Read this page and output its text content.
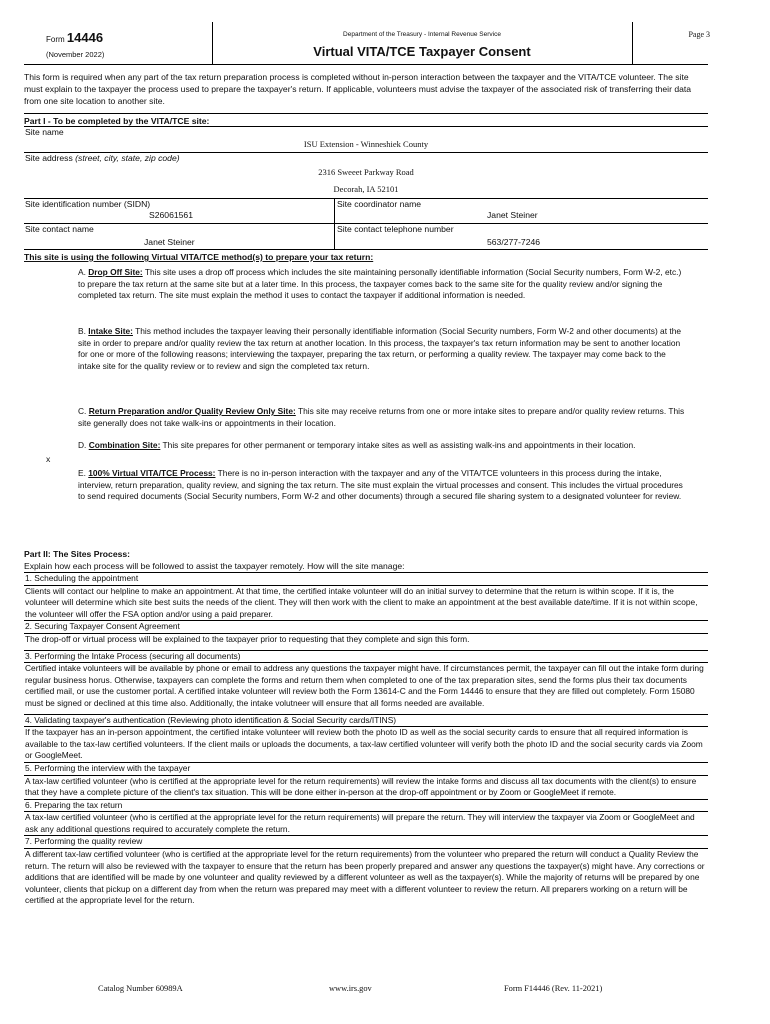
Form 14446
(November 2022)
Department of the Treasury - Internal Revenue Service
Virtual VITA/TCE Taxpayer Consent
Page 3
This form is required when any part of the tax return preparation process is completed without in-person interaction between the taxpayer and the VITA/TCE volunteer. The site must explain to the taxpayer the process used to prepare the taxpayer's return. If applicable, volunteers must advise the taxpayer of the associated risk of transferring their data from one site location to another site.
Part I - To be completed by the VITA/TCE site:
Site name
ISU Extension - Winneshiek County
Site address (street, city, state, zip code)
2316 Sweeet Parkway Road
Decorah, IA 52101
Site identification number (SIDN)
S26061561
Site coordinator name
Janet Steiner
Site contact name
Janet Steiner
Site contact telephone number
563/277-7246
This site is using the following Virtual VITA/TCE method(s) to prepare your tax return:
A. Drop Off Site: This site uses a drop off process which includes the site maintaining personally identifiable information (Social Security numbers, Form W-2, etc.) to prepare the tax return at the same site but at a later time. In this process, the taxpayer comes back to the same site for the quality review and/or signing the completed tax return. The site must explain the method it uses to contact the taxpayer if additional information is needed.
B. Intake Site: This method includes the taxpayer leaving their personally identifiable information (Social Security numbers, Form W-2 and other documents) at the site in order to prepare and/or quality review the tax return at another location. In this process, the taxpayer's tax return information may be sent to another location for one or more of the following reasons; interviewing the taxpayer, preparing the tax return, or performing a quality review. The taxpayer may come back to the intake site for the quality review or to review and sign the completed tax return.
C. Return Preparation and/or Quality Review Only Site: This site may receive returns from one or more intake sites to prepare and/or quality review returns. This site generally does not take walk-ins or appointments in their location.
x
D. Combination Site: This site prepares for other permanent or temporary intake sites as well as assisting walk-ins and appointments in their location.
E. 100% Virtual VITA/TCE Process: There is no in-person interaction with the taxpayer and any of the VITA/TCE volunteers in this process during the intake, interview, return preparation, quality review, and signing the tax return. The site must explain the virtual processes and consent. This includes the virtual procedures to send required documents (Social Security numbers, Form W-2 and other documents) through a secured file sharing system to a designated volunteer for review.
Part II: The Sites Process:
Explain how each process will be followed to assist the taxpayer remotely. How will the site manage:
1. Scheduling the appointment
Clients will contact our helpline to make an appointment. At that time, the certified intake volunteer will do an initial survey to determine that the return is within scope. If it is, the volunteer will determine which site best suits the needs of the client. They will then work with the client to make an appointment at the best available date/time. If it is not within scope, the volunteer will offer the FSA option and/or using a paid preparer.
2. Securing Taxpayer Consent Agreement
The drop-off or virtual process will be explained to the taxpayer prior to requesting that they complete and sign this form.
3. Performing the Intake Process (securing all documents)
Certified intake volunteers will be available by phone or email to address any questions the taxpayer might have. If circumstances permit, the taxpayer can fill out the intake form during regular business horus. Otherwise, taxpayers can complete the forms and return them when completed to one of the tax preparation sites, send the forms plus their tax documents certified mail, or use the customer portal. A certified intake volunteer will review both the Form 13614-C and the Form 14446 to ensure that they are filled out completely. Form 15080 must be signed or declined at this time also. Additionally, the intake volutneer will ensure that all forms needed are available.
4. Validating taxpayer's authentication (Reviewing photo identification & Social Security cards/ITINS)
If the taxpayer has an in-person appointment, the certified intake volunteer will review both the photo ID as well as the social security cards to ensure that all required information is available to the tax-law certified volunteers. If the client mails or uploads the documents, a tax-law certified volunteer will verify both the photo ID and the social security cards via Zoom or GoogleMeet.
5. Performing the interview with the taxpayer
A tax-law certified volunteer (who is certified at the appropriate level for the return requirements) will review the intake forms and discuss all tax documents with the client(s) to ensure that they have a complete picture of the client's tax situation. This will be done either in-person at the drop-off appointment or by Zoom or GoogleMeet if remote.
6. Preparing the tax return
A tax-law certified volunteer (who is certified at the appropriate level for the return requirements) will prepare the return. They will interview the taxpayer via Zoom or GoogleMeet and ask any additional questions required to accurately complete the return.
7. Performing the quality review
A different tax-law certified volunteer (who is certified at the appropriate level for the return requirements) from the volunteer who prepared the return will conduct a Quality Review the return. The return will also be reviewed with the taxpayer to ensure that the return has been properly prepared and answer any questions the taxpayer(s) might have. Any corrections or additions that are identified will be made by one volunteer and quality reviewed by a different volunteer as well as the taxpayer(s). While the majority of returns will be prepared by one volunteer, clients that pickup on a different day from when the return was prepared may meet with a different volunteer to review the return. All preparers working on a return will be certified at the appropriate level for the return.
Catalog Number 60989A	www.irs.gov	Form F14446 (Rev. 11-2021)
